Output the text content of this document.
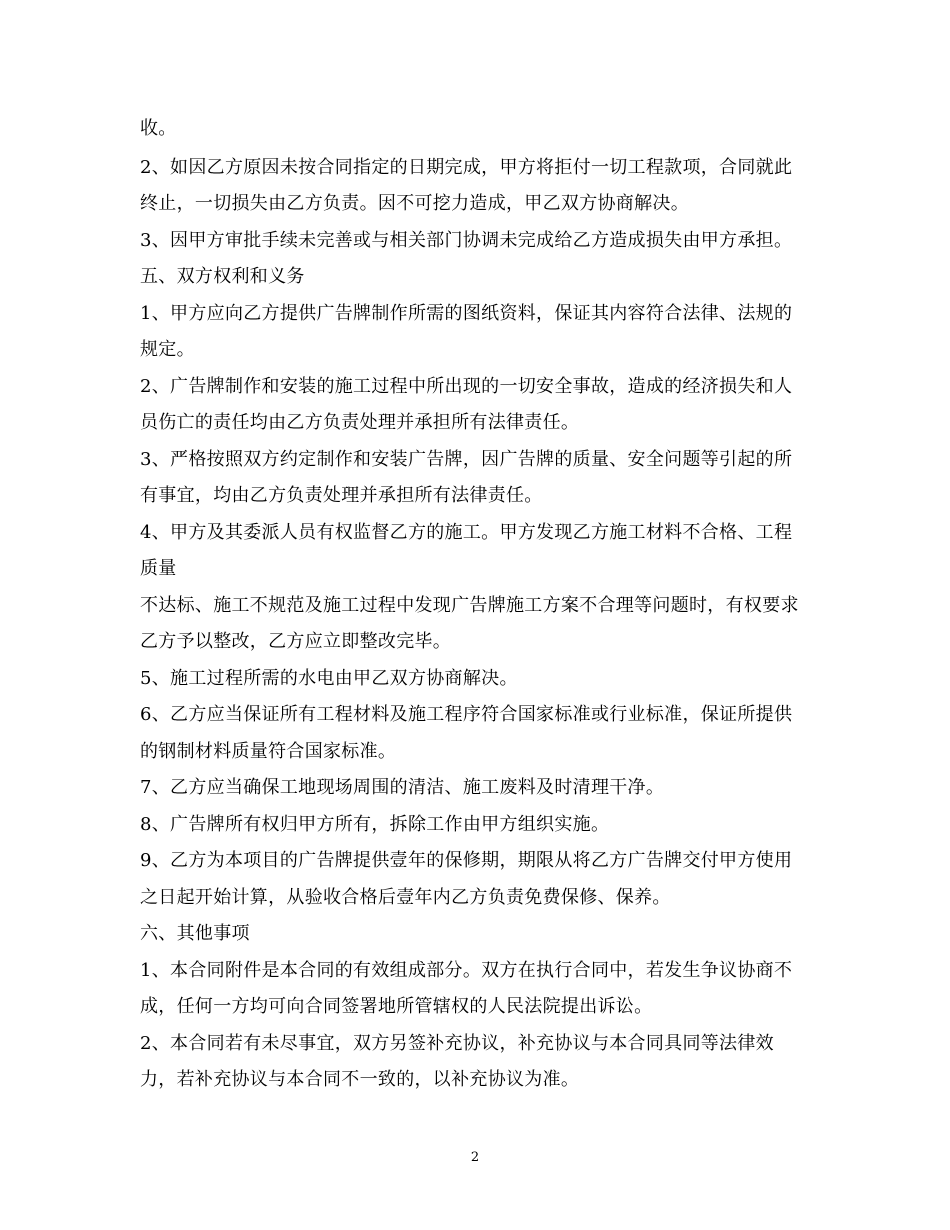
收。
2、如因乙方原因未按合同指定的日期完成，甲方将拒付一切工程款项，合同就此
终止，一切损失由乙方负责。因不可挖力造成，甲乙双方协商解决。
3、因甲方审批手续未完善或与相关部门协调未完成给乙方造成损失由甲方承担。
五、双方权利和义务
1、甲方应向乙方提供广告牌制作所需的图纸资料，保证其内容符合法律、法规的
规定。
2、广告牌制作和安装的施工过程中所出现的一切安全事故，造成的经济损失和人
员伤亡的责任均由乙方负责处理并承担所有法律责任。
3、严格按照双方约定制作和安装广告牌，因广告牌的质量、安全问题等引起的所
有事宜，均由乙方负责处理并承担所有法律责任。
4、甲方及其委派人员有权监督乙方的施工。甲方发现乙方施工材料不合格、工程
质量
不达标、施工不规范及施工过程中发现广告牌施工方案不合理等问题时，有权要求
乙方予以整改，乙方应立即整改完毕。
5、施工过程所需的水电由甲乙双方协商解决。
6、乙方应当保证所有工程材料及施工程序符合国家标准或行业标准，保证所提供
的钢制材料质量符合国家标准。
7、乙方应当确保工地现场周围的清洁、施工废料及时清理干净。
8、广告牌所有权归甲方所有，拆除工作由甲方组织实施。
9、乙方为本项目的广告牌提供壹年的保修期，期限从将乙方广告牌交付甲方使用
之日起开始计算，从验收合格后壹年内乙方负责免费保修、保养。
六、其他事项
1、本合同附件是本合同的有效组成部分。双方在执行合同中，若发生争议协商不
成，任何一方均可向合同签署地所管辖权的人民法院提出诉讼。
2、本合同若有未尽事宜，双方另签补充协议，补充协议与本合同具同等法律效
力，若补充协议与本合同不一致的，以补充协议为准。
2
